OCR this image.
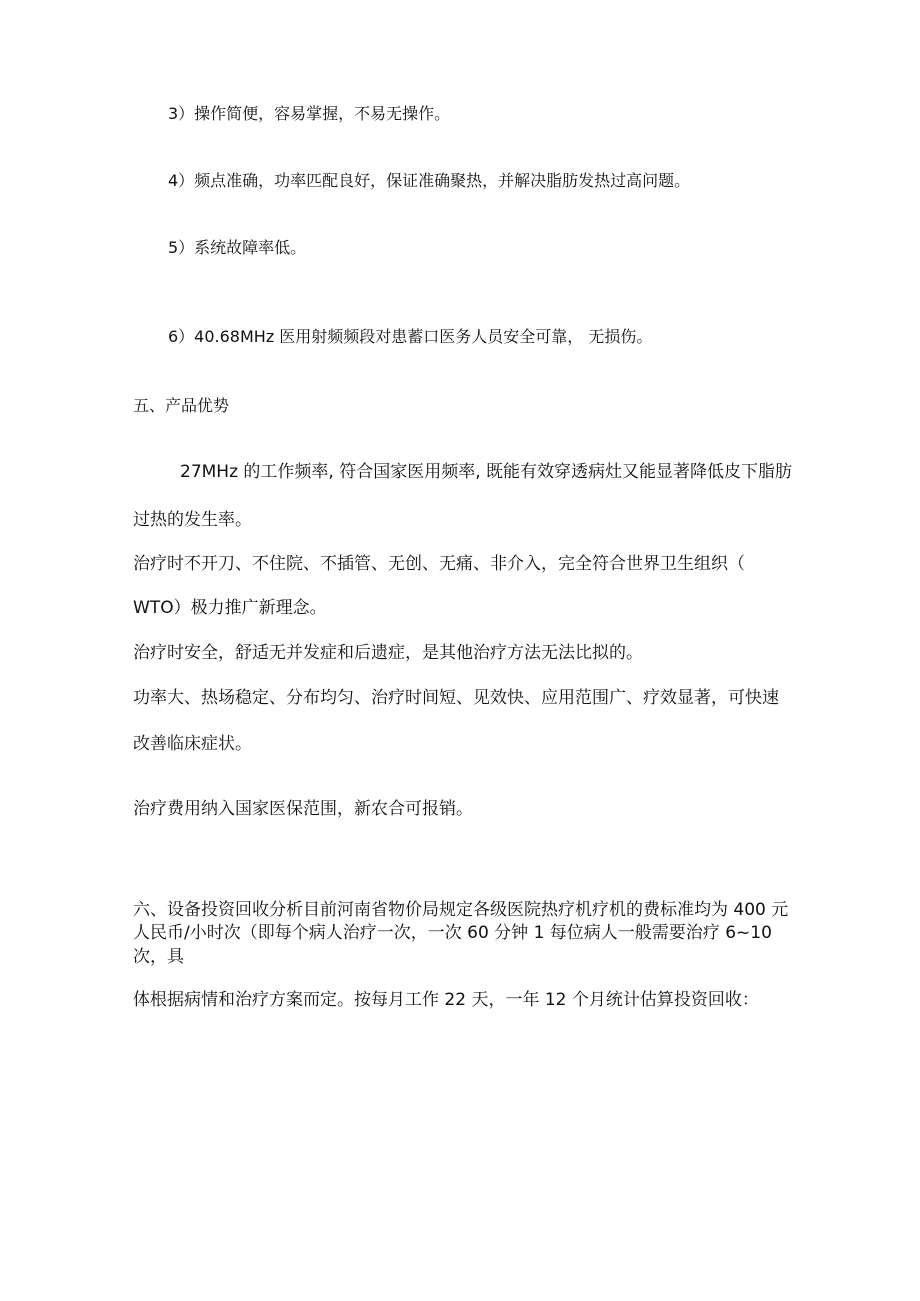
3）操作简便，容易掌握，不易无操作。

4）频点准确，功率匹配良好，保证准确聚热，并解决脂肪发热过高问题。

5）系统故障率低。

6）40.68MHz 医用射频频段对患蓄口医务人员安全可靠， 无损伤。

五、产品优势

27MHz 的工作频率, 符合国家医用频率, 既能有效穿透病灶又能显著降低皮下脂肪

过热的发生率。

治疗时不开刀、不住院、不插管、无创、无痛、非介入，完全符合世界卫生组织（

WTO）极力推广新理念。

治疗时安全，舒适无并发症和后遗症，是其他治疗方法无法比拟的。

功率大、热场稳定、分布均匀、治疗时间短、见效快、应用范围广、疗效显著，可快速

改善临床症状。

治疗费用纳入国家医保范围，新农合可报销。

六、设备投资回收分析目前河南省物价局规定各级医院热疗机疗机的费标准均为 400 元

人民币/小时次（即每个病人治疗一次，一次 60 分钟 1 每位病人一般需要治疗 6~10

次，具

体根据病情和治疗方案而定。按每月工作 22 天，一年 12 个月统计估算投资回收：
